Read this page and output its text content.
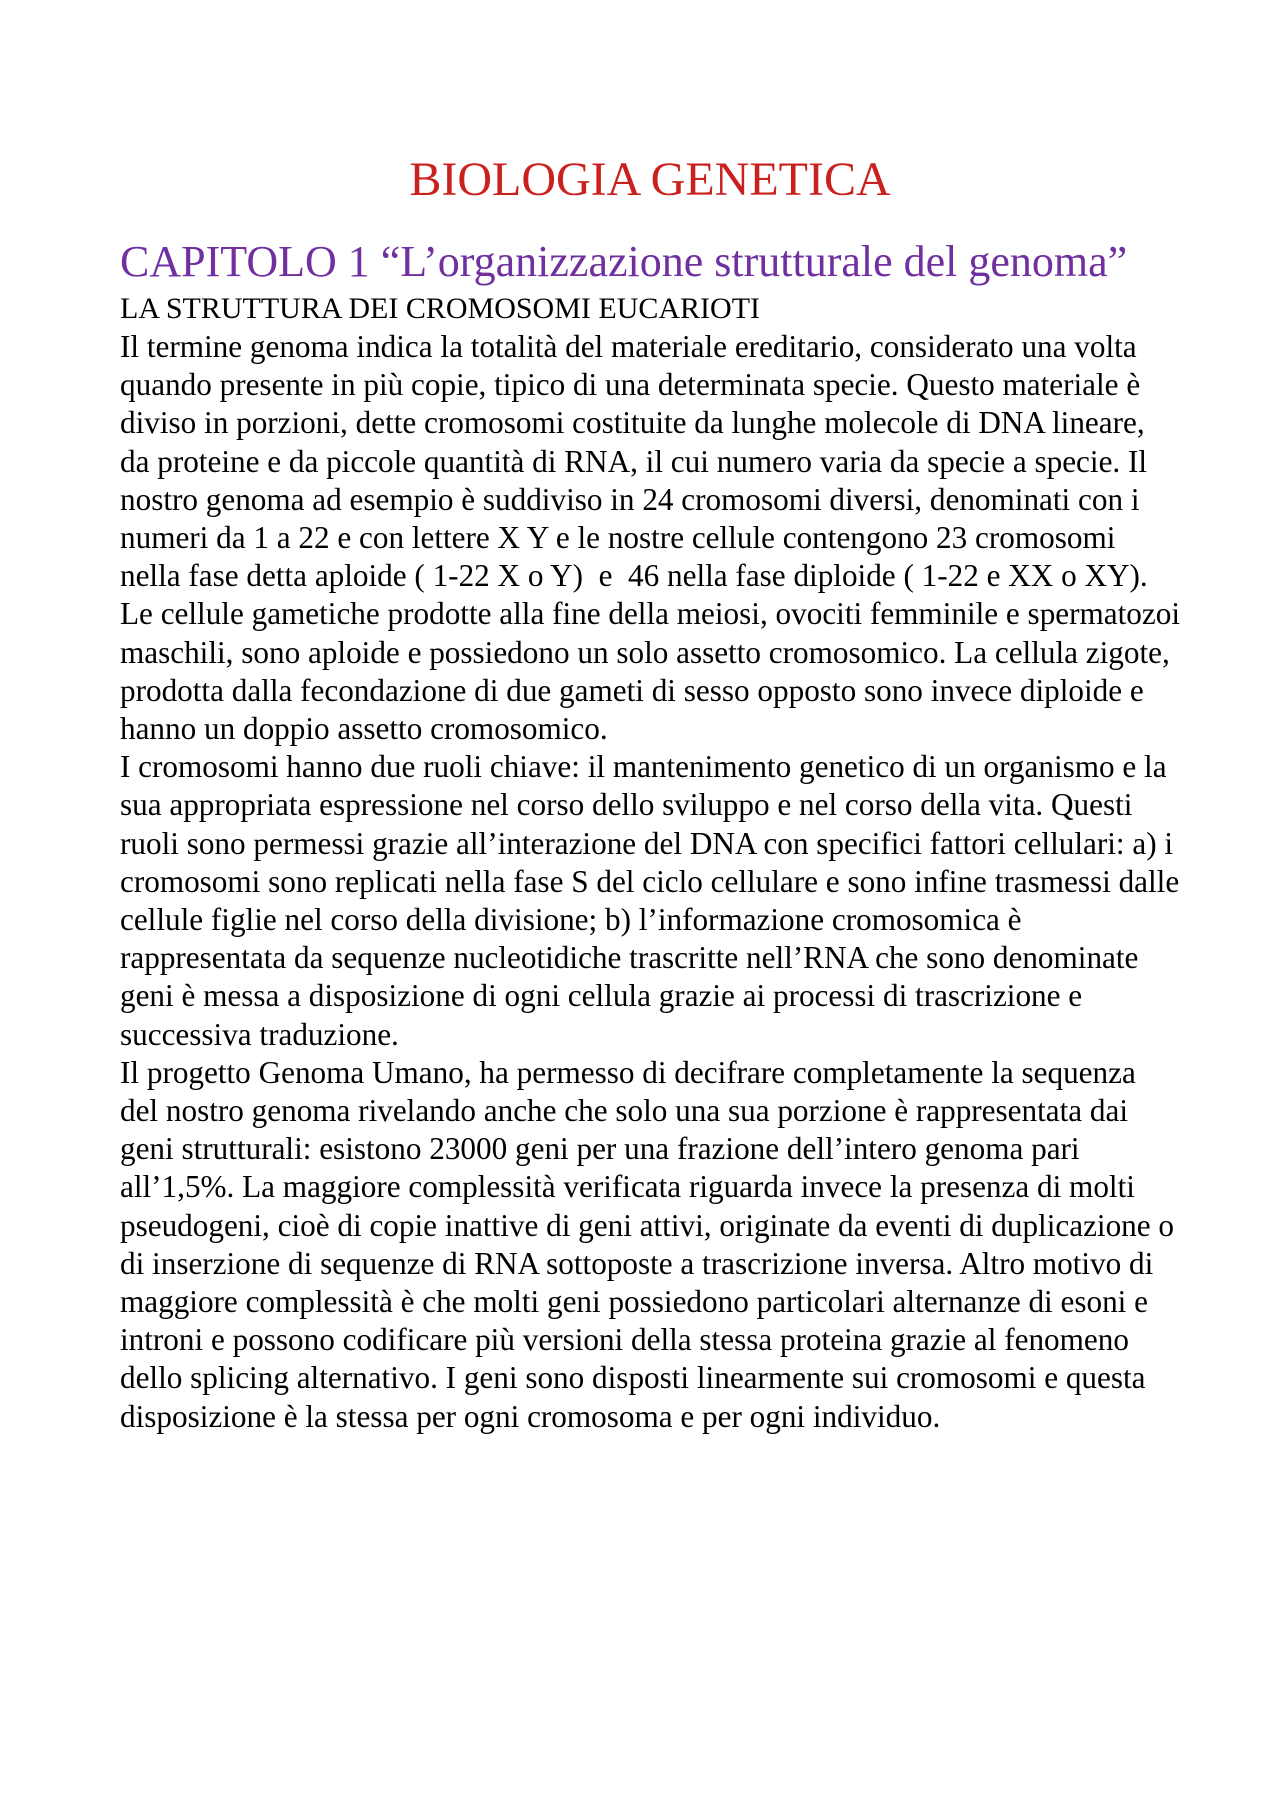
BIOLOGIA GENETICA
CAPITOLO 1 “L’organizzazione strutturale del genoma”
LA STRUTTURA DEI CROMOSOMI EUCARIOTI

Il termine genoma indica la totalità del materiale ereditario, considerato una volta quando presente in più copie, tipico di una determinata specie. Questo materiale è diviso in porzioni, dette cromosomi costituite da lunghe molecole di DNA lineare, da proteine e da piccole quantità di RNA, il cui numero varia da specie a specie. Il nostro genoma ad esempio è suddiviso in 24 cromosomi diversi, denominati con i numeri da 1 a 22 e con lettere X Y e le nostre cellule contengono 23 cromosomi nella fase detta aploide ( 1-22 X o Y)  e  46 nella fase diploide ( 1-22 e XX o XY). Le cellule gametiche prodotte alla fine della meiosi, ovociti femminile e spermatozoi maschili, sono aploide e possiedono un solo assetto cromosomico. La cellula zigote, prodotta dalla fecondazione di due gameti di sesso opposto sono invece diploide e hanno un doppio assetto cromosomico.

I cromosomi hanno due ruoli chiave: il mantenimento genetico di un organismo e la sua appropriata espressione nel corso dello sviluppo e nel corso della vita. Questi ruoli sono permessi grazie all’interazione del DNA con specifici fattori cellulari: a) i cromosomi sono replicati nella fase S del ciclo cellulare e sono infine trasmessi dalle cellule figlie nel corso della divisione; b) l’informazione cromosomica è rappresentata da sequenze nucleotidiche trascritte nell’RNA che sono denominate geni è messa a disposizione di ogni cellula grazie ai processi di trascrizione e successiva traduzione.

Il progetto Genoma Umano, ha permesso di decifrare completamente la sequenza del nostro genoma rivelando anche che solo una sua porzione è rappresentata dai geni strutturali: esistono 23000 geni per una frazione dell’intero genoma pari all’1,5%. La maggiore complessità verificata riguarda invece la presenza di molti pseudogeni, cioè di copie inattive di geni attivi, originate da eventi di duplicazione o di inserzione di sequenze di RNA sottoposte a trascrizione inversa. Altro motivo di maggiore complessità è che molti geni possiedono particolari alternanze di esoni e introni e possono codificare più versioni della stessa proteina grazie al fenomeno dello splicing alternativo. I geni sono disposti linearmente sui cromosomi e questa disposizione è la stessa per ogni cromosoma e per ogni individuo.
